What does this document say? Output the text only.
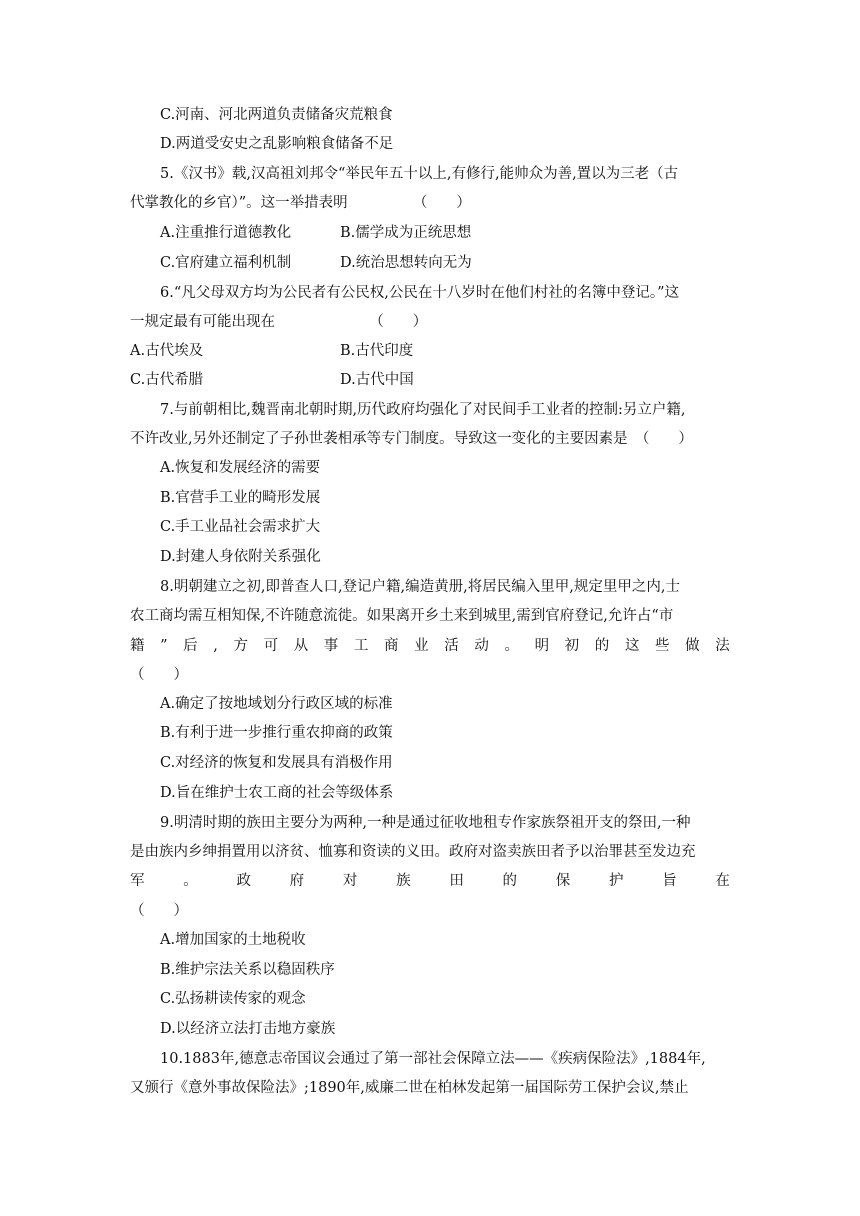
C.河南、河北两道负责储备灾荒粮食
D.两道受安史之乱影响粮食储备不足
5.《汉书》载,汉高祖刘邦令“举民年五十以上,有修行,能帅众为善,置以为三老（古
代掌教化的乡官）”。这一举措表明　　　　　（　　）
A.注重推行道德教化	B.儒学成为正统思想
C.官府建立福利机制	D.统治思想转向无为
6.“凡父母双方均为公民者有公民权,公民在十八岁时在他们村社的名簿中登记。”这
一规定最有可能出现在　　　　　　　（　　）
A.古代埃及	B.古代印度
C.古代希腊	D.古代中国
7.与前朝相比,魏晋南北朝时期,历代政府均强化了对民间手工业者的控制:另立户籍,
不许改业,另外还制定了子孙世袭相承等专门制度。导致这一变化的主要因素是　（　　）
A.恢复和发展经济的需要
B.官营手工业的畸形发展
C.手工业品社会需求扩大
D.封建人身依附关系强化
8.明朝建立之初,即普查人口,登记户籍,编造黄册,将居民编入里甲,规定里甲之内,士
农工商均需互相知保,不许随意流徙。如果离开乡土来到城里,需到官府登记,允许占“市
籍 ” 后 , 方 可 从 事 工 商 业 活 动 。 明 初 的 这 些 做 法
（　　）
A.确定了按地域划分行政区域的标准
B.有利于进一步推行重农抑商的政策
C.对经济的恢复和发展具有消极作用
D.旨在维护士农工商的社会等级体系
9.明清时期的族田主要分为两种,一种是通过征收地租专作家族祭祖开支的祭田,一种
是由族内乡绅捐置用以济贫、恤寡和资读的义田。政府对盗卖族田者予以治罪甚至发边充
军	。	政	府	对	族	田	的	保	护	旨	在
（　　）
A.增加国家的土地税收
B.维护宗法关系以稳固秩序
C.弘扬耕读传家的观念
D.以经济立法打击地方豪族
10.1883年,德意志帝国议会通过了第一部社会保障立法——《疾病保险法》,1884年,
又颁行《意外事故保险法》;1890年,威廉二世在柏林发起第一届国际劳工保护会议,禁止
